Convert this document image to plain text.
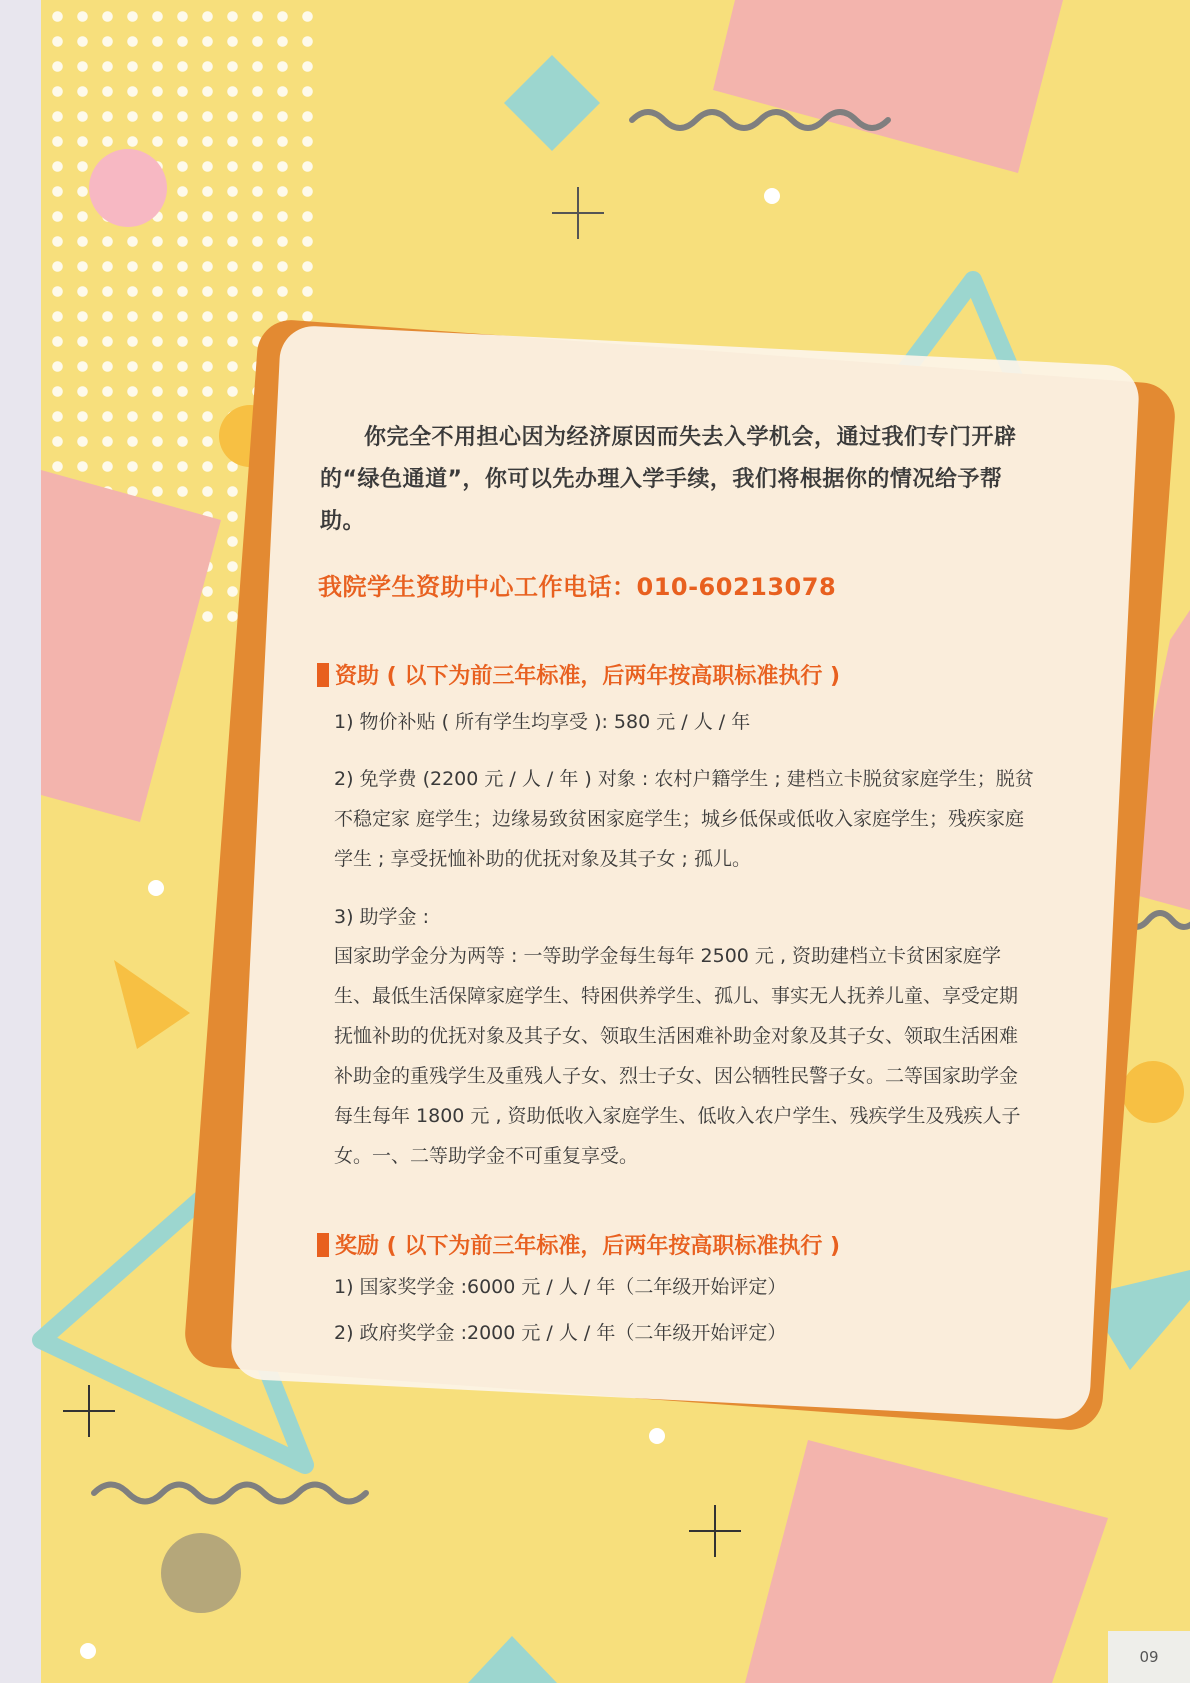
你完全不用担心因为经济原因而失去入学机会，通过我们专门开辟的“绿色通道”，你可以先办理入学手续，我们将根据你的情况给予帮助。
我院学生资助中心工作电话：010-60213078
资助 ( 以下为前三年标准，后两年按高职标准执行 )
1) 物价补贴 ( 所有学生均享受 ): 580 元 / 人 / 年
2) 免学费 (2200 元 / 人 / 年 ) 对象 : 农村户籍学生 ; 建档立卡脱贫家庭学生；脱贫不稳定家 庭学生；边缘易致贫困家庭学生；城乡低保或低收入家庭学生；残疾家庭学生 ; 享受抚恤补助的优抚对象及其子女 ; 孤儿。
3) 助学金 :
国家助学金分为两等 : 一等助学金每生每年 2500 元 , 资助建档立卡贫困家庭学生、最低生活保障家庭学生、特困供养学生、孤儿、事实无人抚养儿童、享受定期抚恤补助的优抚对象及其子女、领取生活困难补助金对象及其子女、领取生活困难补助金的重残学生及重残人子女、烈士子女、因公牺牲民警子女。二等国家助学金每生每年 1800 元 , 资助低收入家庭学生、低收入农户学生、残疾学生及残疾人子女。一、二等助学金不可重复享受。
奖励 ( 以下为前三年标准，后两年按高职标准执行 )
1) 国家奖学金 :6000 元 / 人 / 年（二年级开始评定）
2) 政府奖学金 :2000 元 / 人 / 年（二年级开始评定）
09
